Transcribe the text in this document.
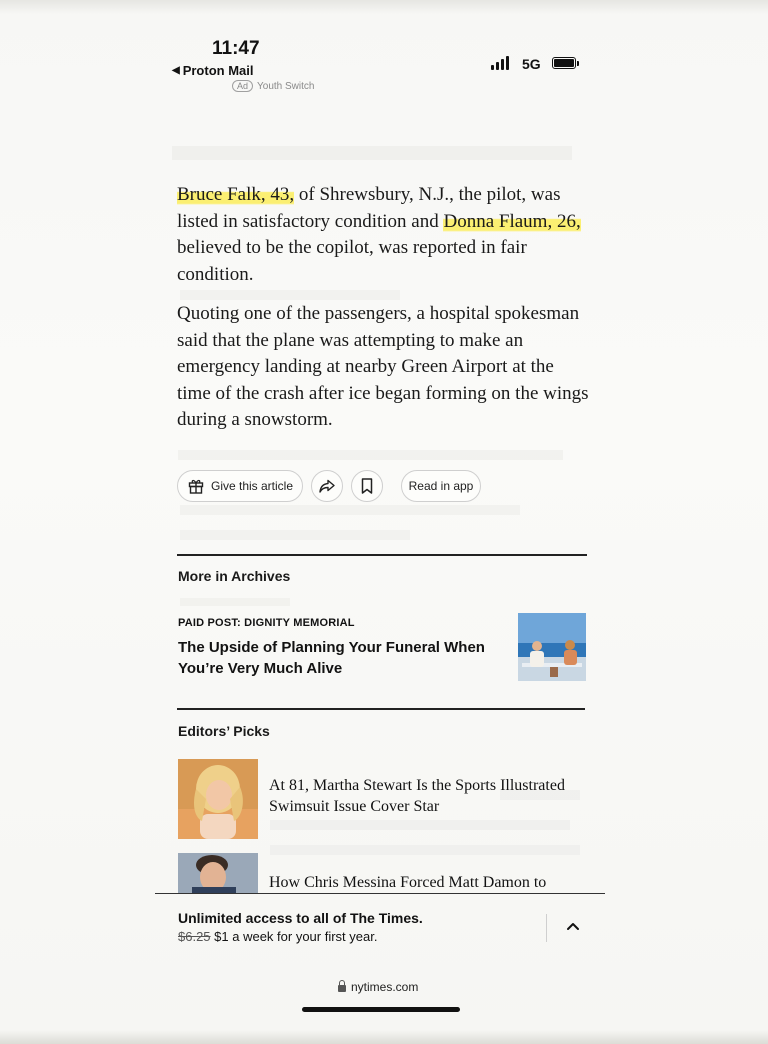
11:47
◀ Proton Mail	5G
Ad Youth Switch

Bruce Falk, 43, of Shrewsbury, N.J., the pilot, was listed in satisfactory condition and Donna Flaum, 26, believed to be the copilot, was reported in fair condition.

Quoting one of the passengers, a hospital spokesman said that the plane was attempting to make an emergency landing at nearby Green Airport at the time of the crash after ice began forming on the wings during a snowstorm.

Give this article	Read in app
More in Archives
PAID POST: DIGNITY MEMORIAL
The Upside of Planning Your Funeral When You’re Very Much Alive
Editors’ Picks
At 81, Martha Stewart Is the Sports Illustrated Swimsuit Issue Cover Star
How Chris Messina Forced Matt Damon to
Unlimited access to all of The Times.
$6.25 $1 a week for your first year.
nytimes.com
